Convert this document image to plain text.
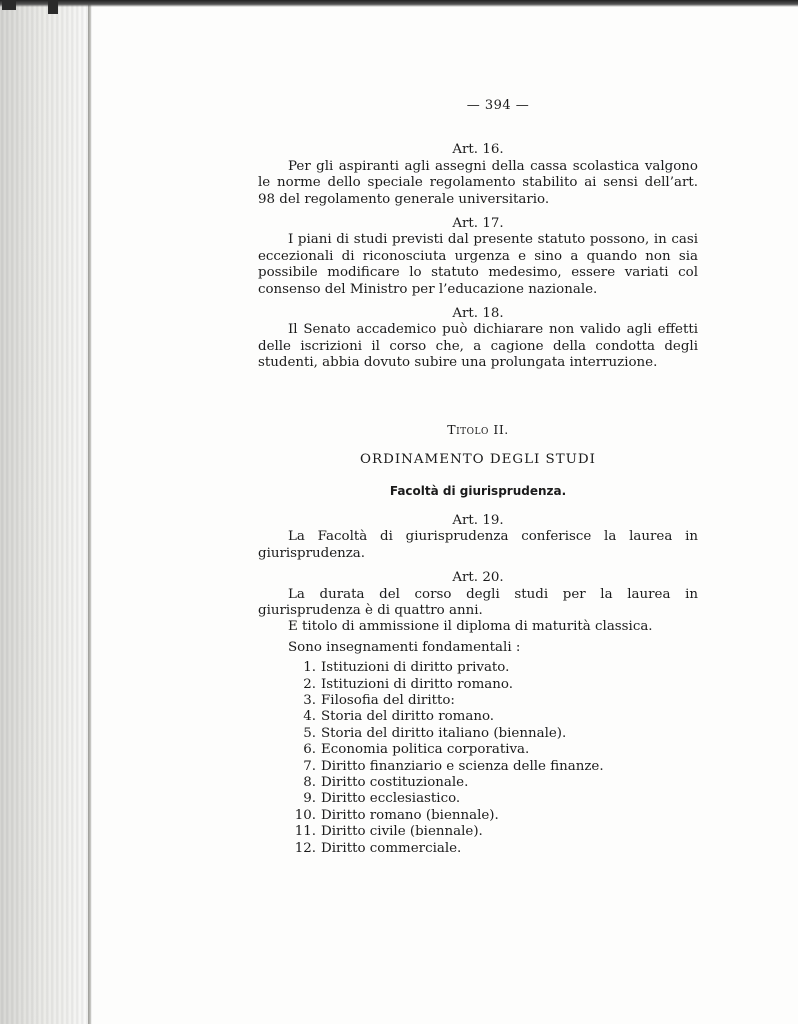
— 394 —

Art. 16.

Per gli aspiranti agli assegni della cassa scolastica valgono le norme dello speciale regolamento stabilito ai sensi dell’art. 98 del regolamento generale universitario.

Art. 17.

I piani di studi previsti dal presente statuto possono, in casi eccezionali di riconosciuta urgenza e sino a quando non sia possibile modificare lo statuto medesimo, essere variati col consenso del Ministro per l’educazione nazionale.

Art. 18.

Il Senato accademico può dichiarare non valido agli effetti delle iscrizioni il corso che, a cagione della condotta degli studenti, abbia dovuto subire una prolungata interruzione.

Titolo II.

ORDINAMENTO DEGLI STUDI

Facoltà di giurisprudenza.

Art. 19.

La Facoltà di giurisprudenza conferisce la laurea in giurisprudenza.

Art. 20.

La durata del corso degli studi per la laurea in giurisprudenza è di quattro anni.

E titolo di ammissione il diploma di maturità classica.

Sono insegnamenti fondamentali :

1. Istituzioni di diritto privato.
2. Istituzioni di diritto romano.
3. Filosofia del diritto:
4. Storia del diritto romano.
5. Storia del diritto italiano (biennale).
6. Economia politica corporativa.
7. Diritto finanziario e scienza delle finanze.
8. Diritto costituzionale.
9. Diritto ecclesiastico.
10. Diritto romano (biennale).
11. Diritto civile (biennale).
12. Diritto commerciale.
